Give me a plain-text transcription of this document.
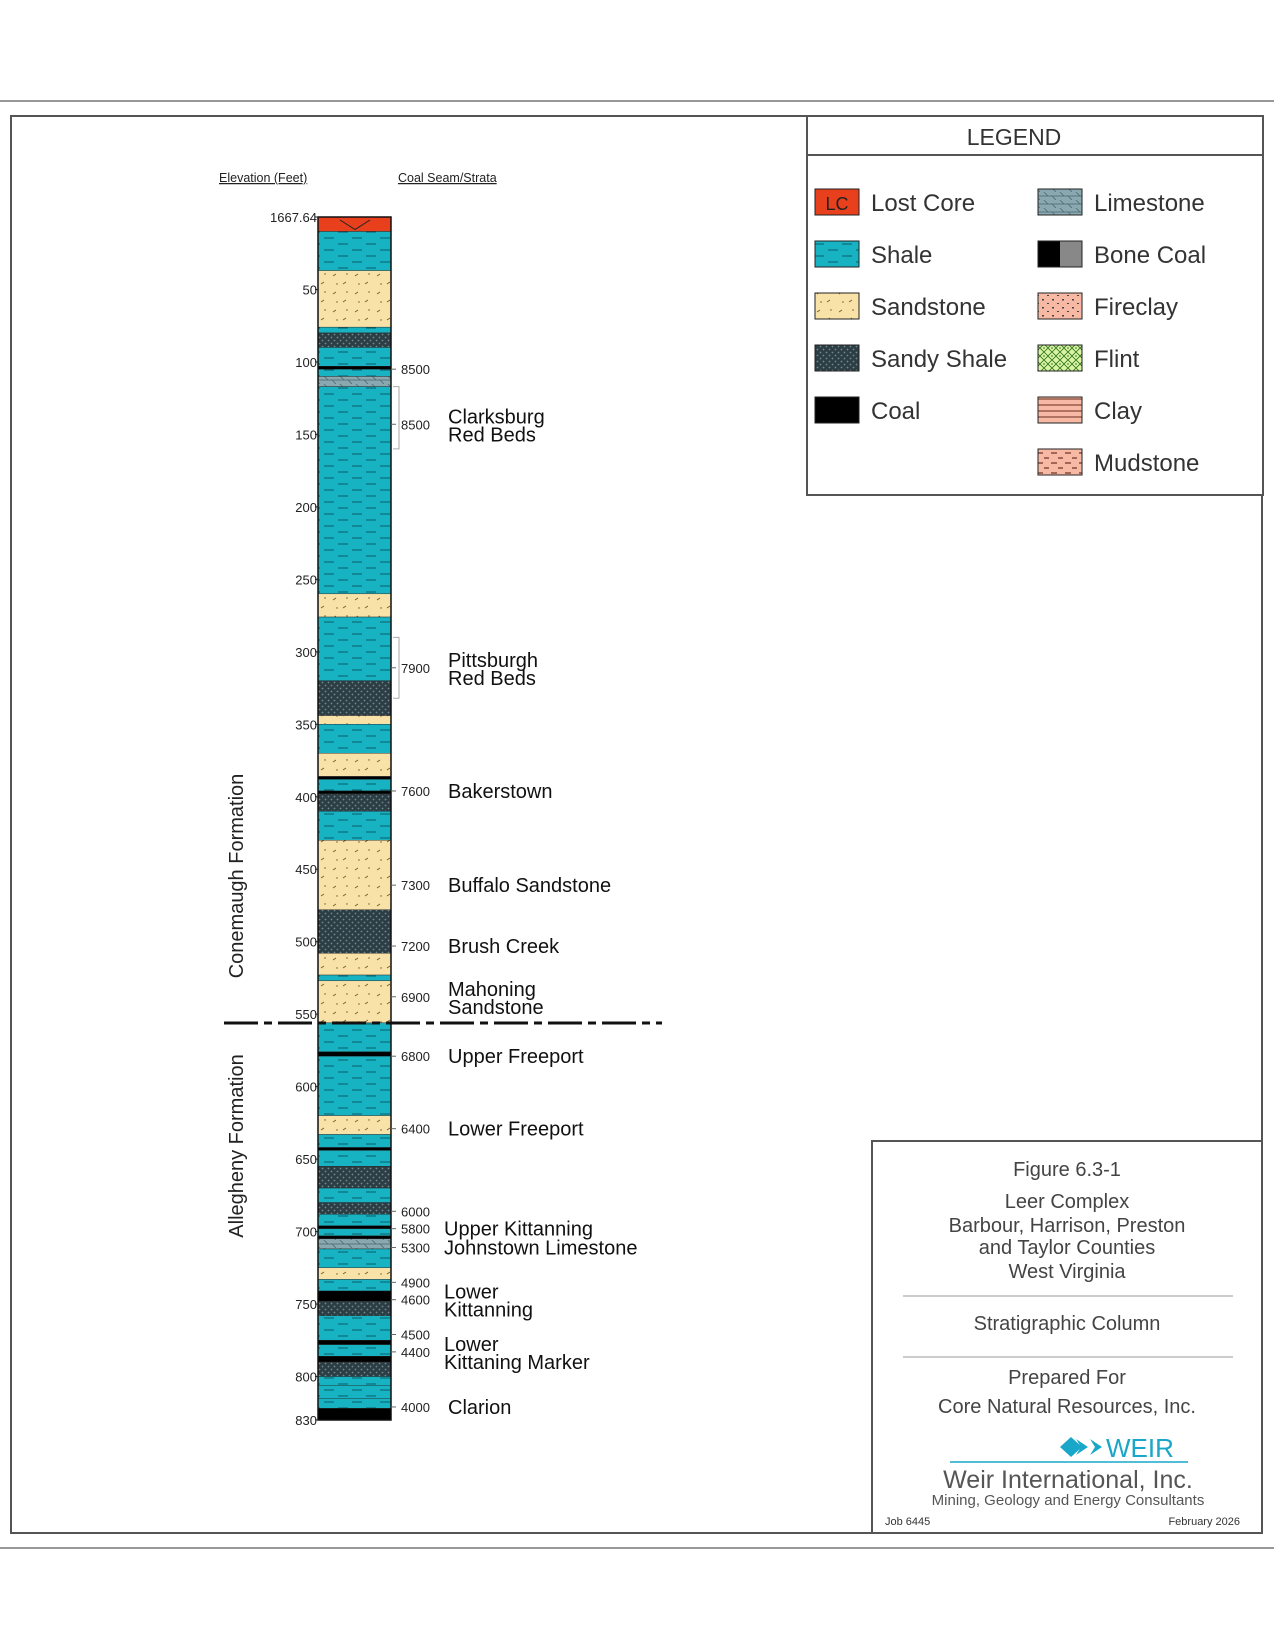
Elevation (Feet)	Coal Seam/Strata
1667.64
50
100
150
200
250
300
350
400
450
500
550
600
650
700
750
800
830
8500
8500 Clarksburg
Red Beds
7900 Pittsburgh
Red Beds
7600 Bakerstown
7300 Buffalo Sandstone
7200 Brush Creek
6900 Mahoning
Sandstone
6800 Upper Freeport
6400 Lower Freeport
6000
5800 Upper Kittanning
5300 Johnstown Limestone
4900
4600 Lower
Kittanning
4500
4400 Lower
Kittaning Marker
4000 Clarion
Conemaugh Formation
Allegheny Formation
LEGEND
LC Lost Core
Shale
Sandstone
Sandy Shale
Coal
Limestone
Bone Coal
Fireclay
Flint
Clay
Mudstone
Figure 6.3-1
Leer Complex
Barbour, Harrison, Preston
and Taylor Counties
West Virginia
Stratigraphic Column
Prepared For
Core Natural Resources, Inc.
WEIR
Weir International, Inc.
Mining, Geology and Energy Consultants
Job 6445	February 2026
